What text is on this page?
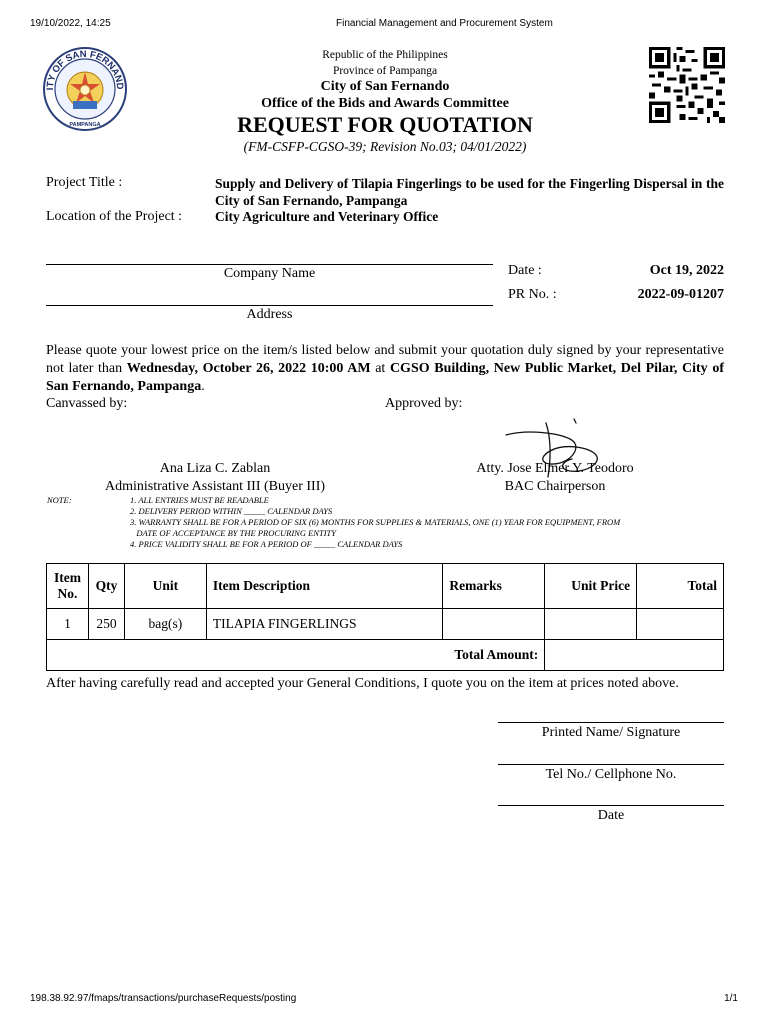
19/10/2022, 14:25	Financial Management and Procurement System
ITY OF SAN FERNAND
PAMPANGA
Republic of the Philippines
Province of Pampanga
City of San Fernando
Office of the Bids and Awards Committee
REQUEST FOR QUOTATION
(FM-CSFP-CGSO-39; Revision No.03; 04/01/2022)
Project Title :	Supply and Delivery of Tilapia Fingerlings to be used for the Fingerling Dispersal in the City of San Fernando, Pampanga
Location of the Project : City Agriculture and Veterinary Office
Company Name
Address
Date :	Oct 19, 2022
PR No. :	2022-09-01207
Please quote your lowest price on the item/s listed below and submit your quotation duly signed by your representative not later than Wednesday, October 26, 2022 10:00 AM at CGSO Building, New Public Market, Del Pilar, City of San Fernando, Pampanga.
Canvassed by:	Approved by:
Ana Liza C. Zablan
Administrative Assistant III (Buyer III)
Atty. Jose Elmer Y. Teodoro
BAC Chairperson
NOTE:	1. ALL ENTRIES MUST BE READABLE
2. DELIVERY PERIOD WITHIN _____ CALENDAR DAYS
3. WARRANTY SHALL BE FOR A PERIOD OF SIX (6) MONTHS FOR SUPPLIES & MATERIALS, ONE (1) YEAR FOR EQUIPMENT, FROM
DATE OF ACCEPTANCE BY THE PROCURING ENTITY
4. PRICE VALIDITY SHALL BE FOR A PERIOD OF _____ CALENDAR DAYS
Item No.	Qty	Unit	Item Description	Remarks	Unit Price	Total
1	250	bag(s)	TILAPIA FINGERLINGS			
Total Amount:						
After having carefully read and accepted your General Conditions, I quote you on the item at prices noted above.
Printed Name/ Signature
Tel No./ Cellphone No.
Date
198.38.92.97/fmaps/transactions/purchaseRequests/posting	1/1
